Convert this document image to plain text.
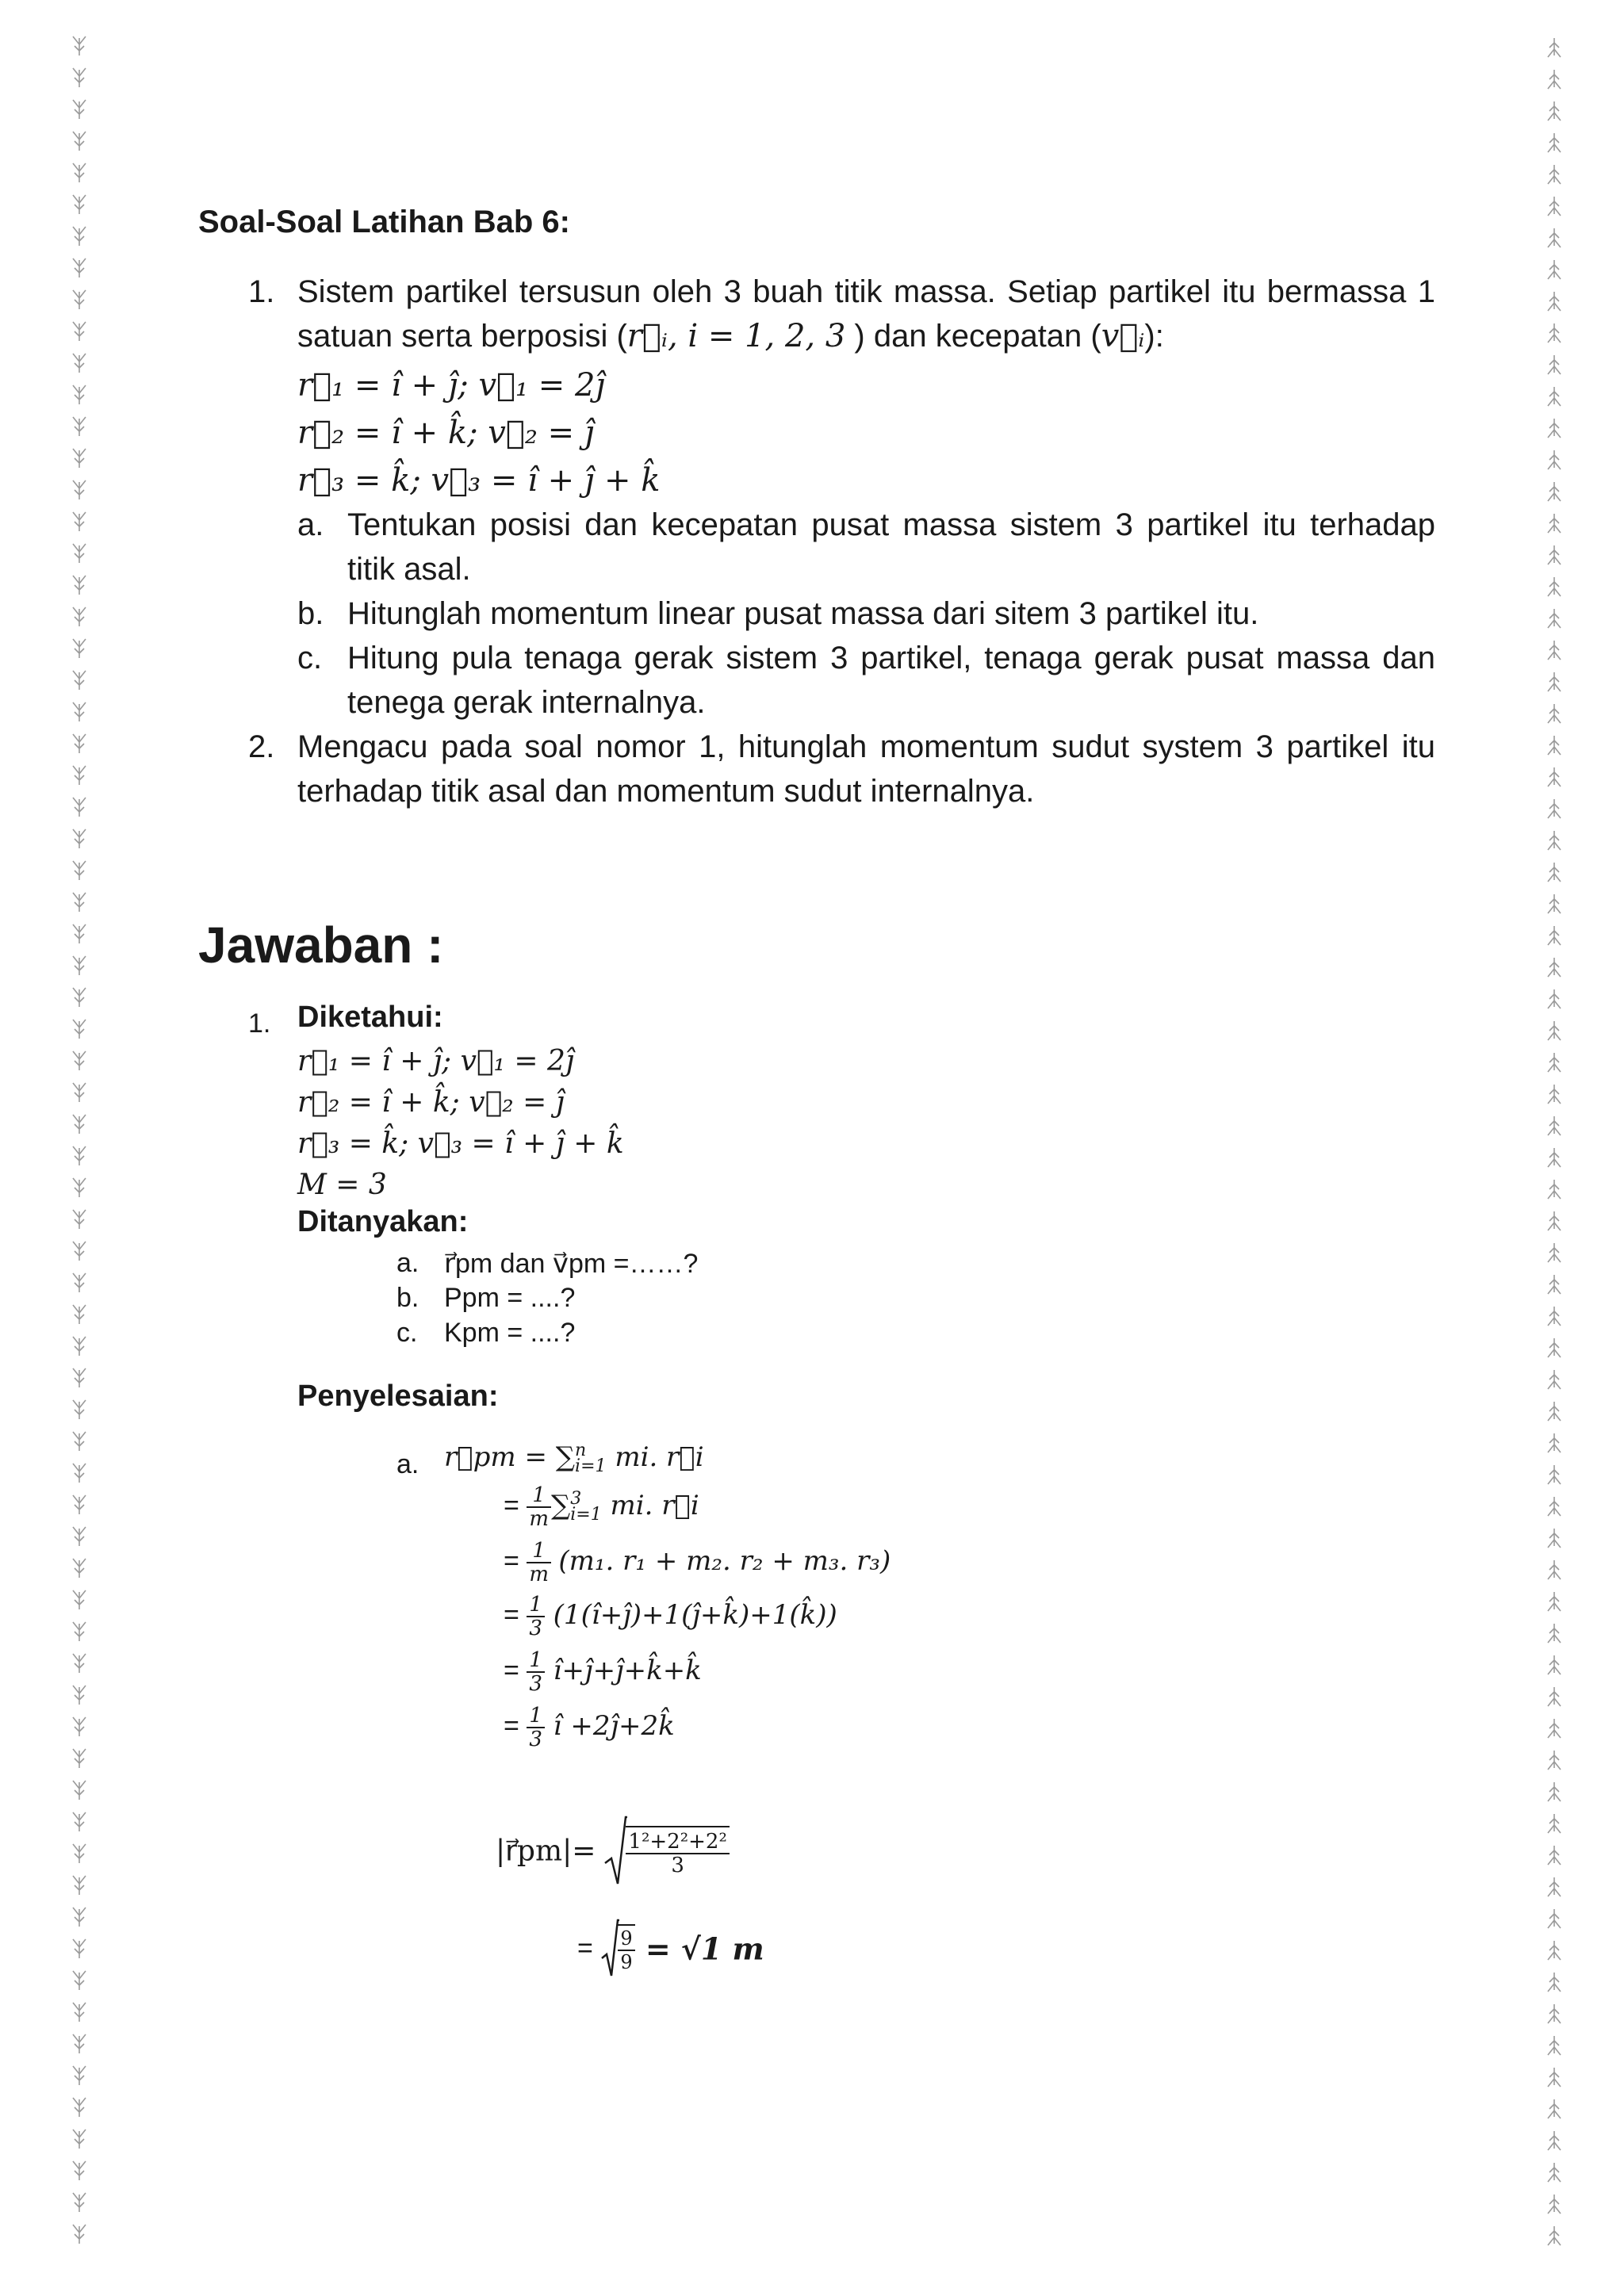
Soal-Soal Latihan Bab 6:
1. Sistem partikel tersusun oleh 3 buah titik massa. Setiap partikel itu bermassa 1
satuan serta berposisi (r⃗ᵢ, i = 1, 2, 3 ) dan kecepatan (v⃗ᵢ):
r⃗₁ = î + ĵ; v⃗₁ = 2ĵ
r⃗₂ = î + k̂; v⃗₂ = ĵ
r⃗₃ = k̂; v⃗₃ = î + ĵ + k̂
a. Tentukan posisi dan kecepatan pusat massa sistem 3 partikel itu terhadap
titik asal.
b. Hitunglah momentum linear pusat massa dari sitem 3 partikel itu.
c. Hitung pula tenaga gerak sistem 3 partikel, tenaga gerak pusat massa dan
tenega gerak internalnya.
2. Mengacu pada soal nomor 1, hitunglah momentum sudut system 3 partikel itu
terhadap titik asal dan momentum sudut internalnya.
Jawaban :
1. Diketahui:
r⃗₁ = î + ĵ; v⃗₁ = 2ĵ
r⃗₂ = î + k̂; v⃗₂ = ĵ
r⃗₃ = k̂; v⃗₃ = î + ĵ + k̂
M = 3
Ditanyakan:
a. r⃗pm dan v⃗pm =……?
b. Ppm = ....?
c. Kpm = ....?
Penyelesaian:
a. r⃗pm = ∑ n
i=1 mi. r⃗i
= $\frac{1}{m}$ ∑ 3
i=1 mi. r⃗i
= $\frac{1}{m} (m_1$. r₁ + m₂. r₂ + m₃. r₃)
= $\frac{1}{3}$ (1(î+ĵ)+1(ĵ+k̂)+1(k̂))
= $\frac{1}{3}$ î+ĵ+ĵ+k̂+k̂
= $\frac{1}{3}$ î +2ĵ+2k̂
|r⃗pm|= $\frac{\text{1²+2²+2²}}{3}$
= $\frac{9}{9} = √1$ m
